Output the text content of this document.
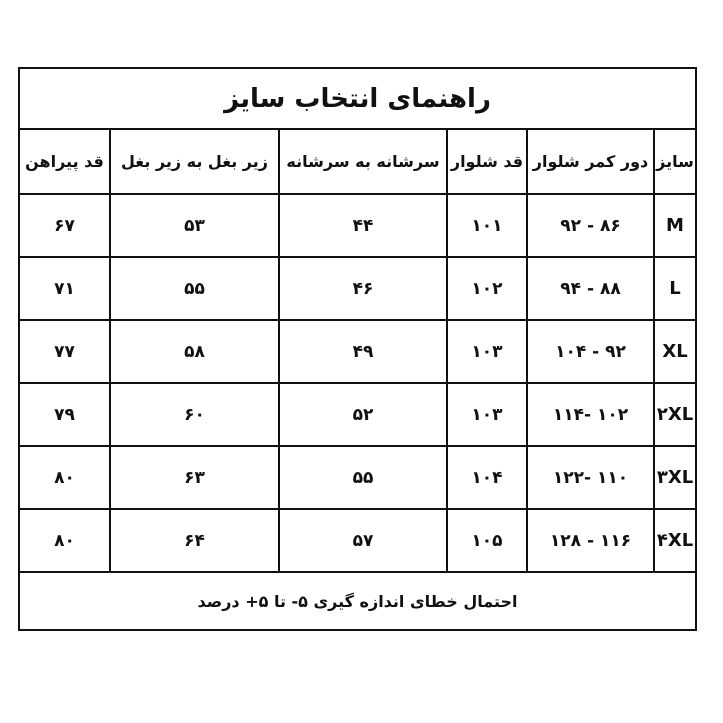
راهنمای انتخاب سایز
سایز	دور کمر شلوار	قد شلوار	سرشانه به سرشانه	زیر بغل به زیر بغل	قد پیراهن
M	۸۶ - ۹۲	۱۰۱	۴۴	۵۳	۶۷
L	۸۸ - ۹۴	۱۰۲	۴۶	۵۵	۷۱
XL	۹۲ - ۱۰۴	۱۰۳	۴۹	۵۸	۷۷
۲XL	۱۰۲ -۱۱۴	۱۰۳	۵۲	۶۰	۷۹
۳XL	۱۱۰ -۱۲۲	۱۰۴	۵۵	۶۳	۸۰
۴XL	۱۱۶ - ۱۲۸	۱۰۵	۵۷	۶۴	۸۰
احتمال خطای اندازه گیری ۵- تا ۵+ درصد
